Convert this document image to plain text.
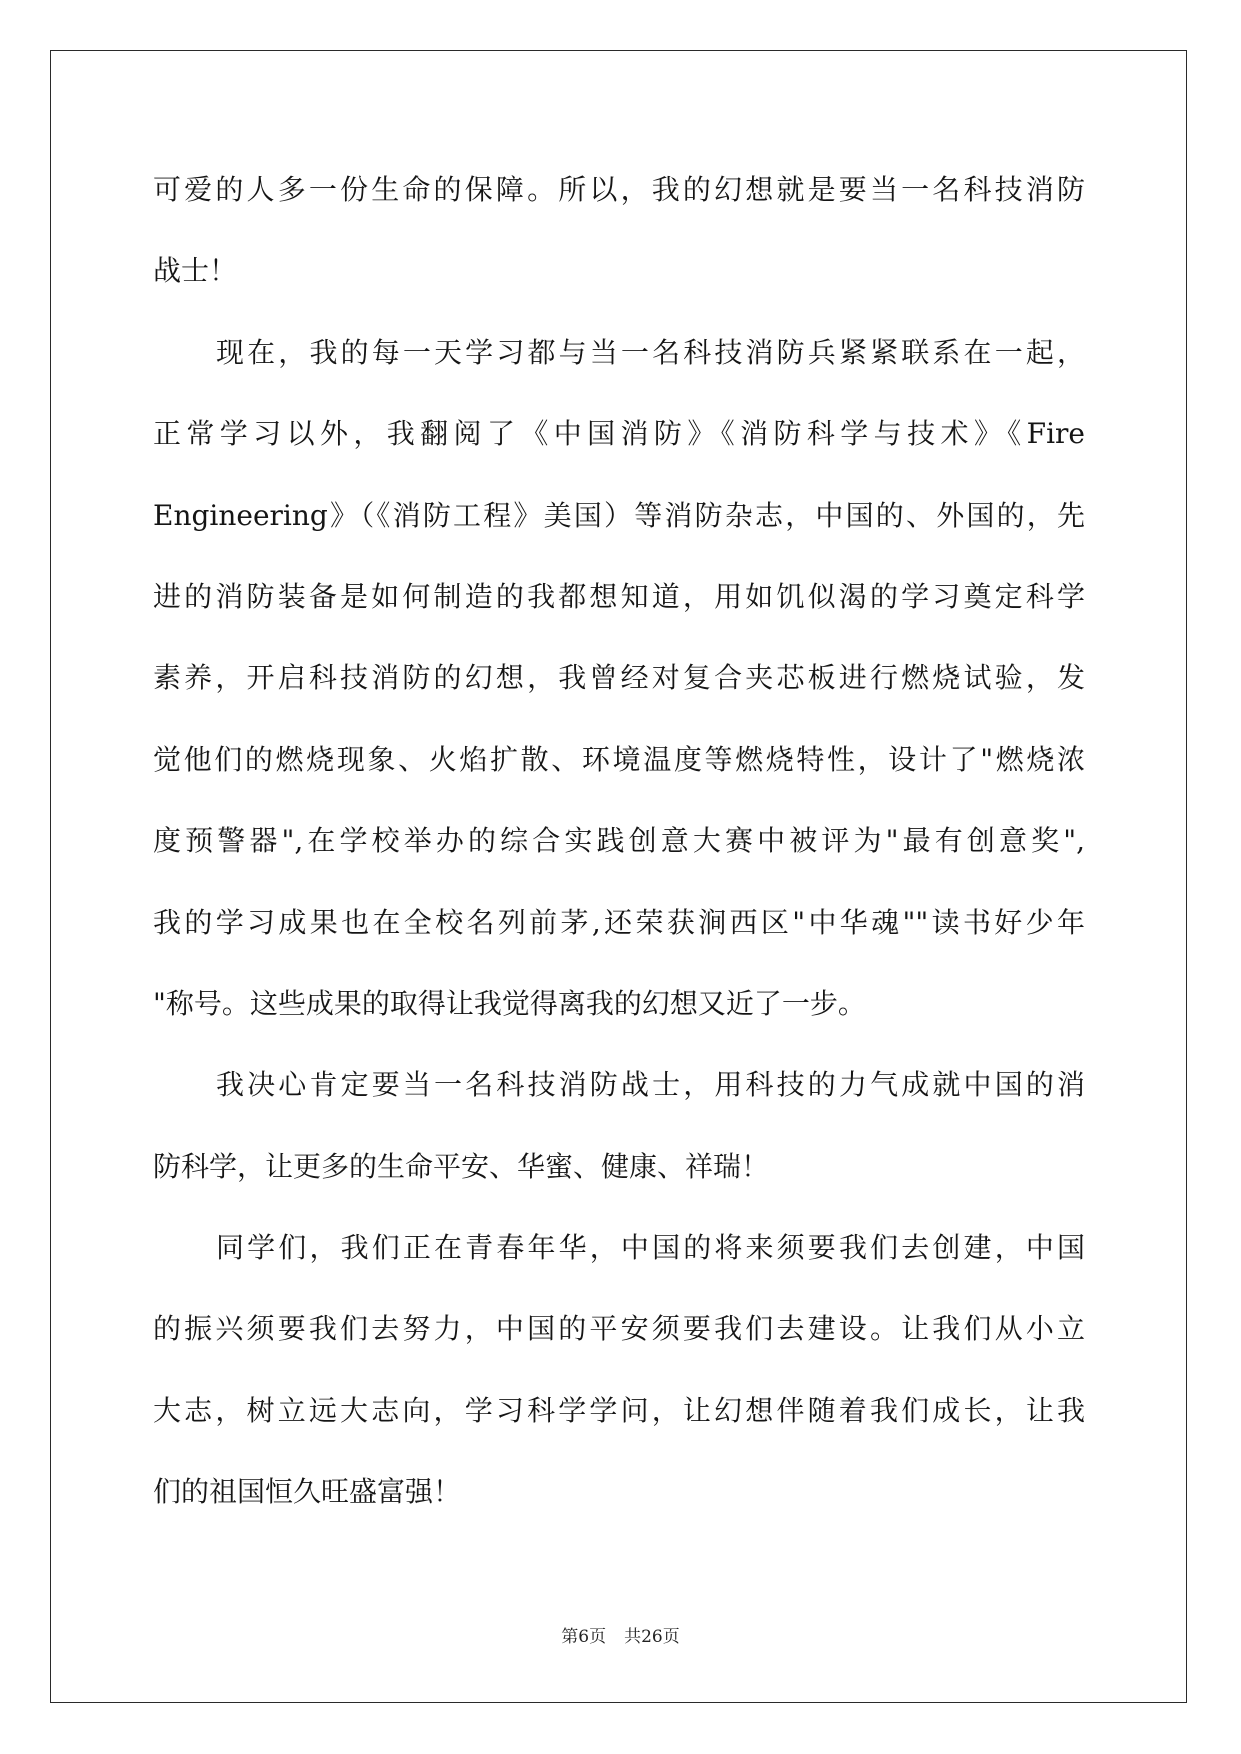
可爱的人多一份生命的保障。所以，我的幻想就是要当一名科技消防
战士！
现在，我的每一天学习都与当一名科技消防兵紧紧联系在一起，
正常学习以外，我翻阅了《中国消防》《消防科学与技术》《Fire
Engineering》（《消防工程》美国）等消防杂志，中国的、外国的，先
进的消防装备是如何制造的我都想知道，用如饥似渴的学习奠定科学
素养，开启科技消防的幻想，我曾经对复合夹芯板进行燃烧试验，发
觉他们的燃烧现象、火焰扩散、环境温度等燃烧特性，设计了"燃烧浓
度预警器",在学校举办的综合实践创意大赛中被评为"最有创意奖",
我的学习成果也在全校名列前茅,还荣获涧西区"中华魂""读书好少年
"称号。这些成果的取得让我觉得离我的幻想又近了一步。
我决心肯定要当一名科技消防战士，用科技的力气成就中国的消
防科学，让更多的生命平安、华蜜、健康、祥瑞！
同学们，我们正在青春年华，中国的将来须要我们去创建，中国
的振兴须要我们去努力，中国的平安须要我们去建设。让我们从小立
大志，树立远大志向，学习科学学问，让幻想伴随着我们成长，让我
们的祖国恒久旺盛富强！
第6页 共26页
